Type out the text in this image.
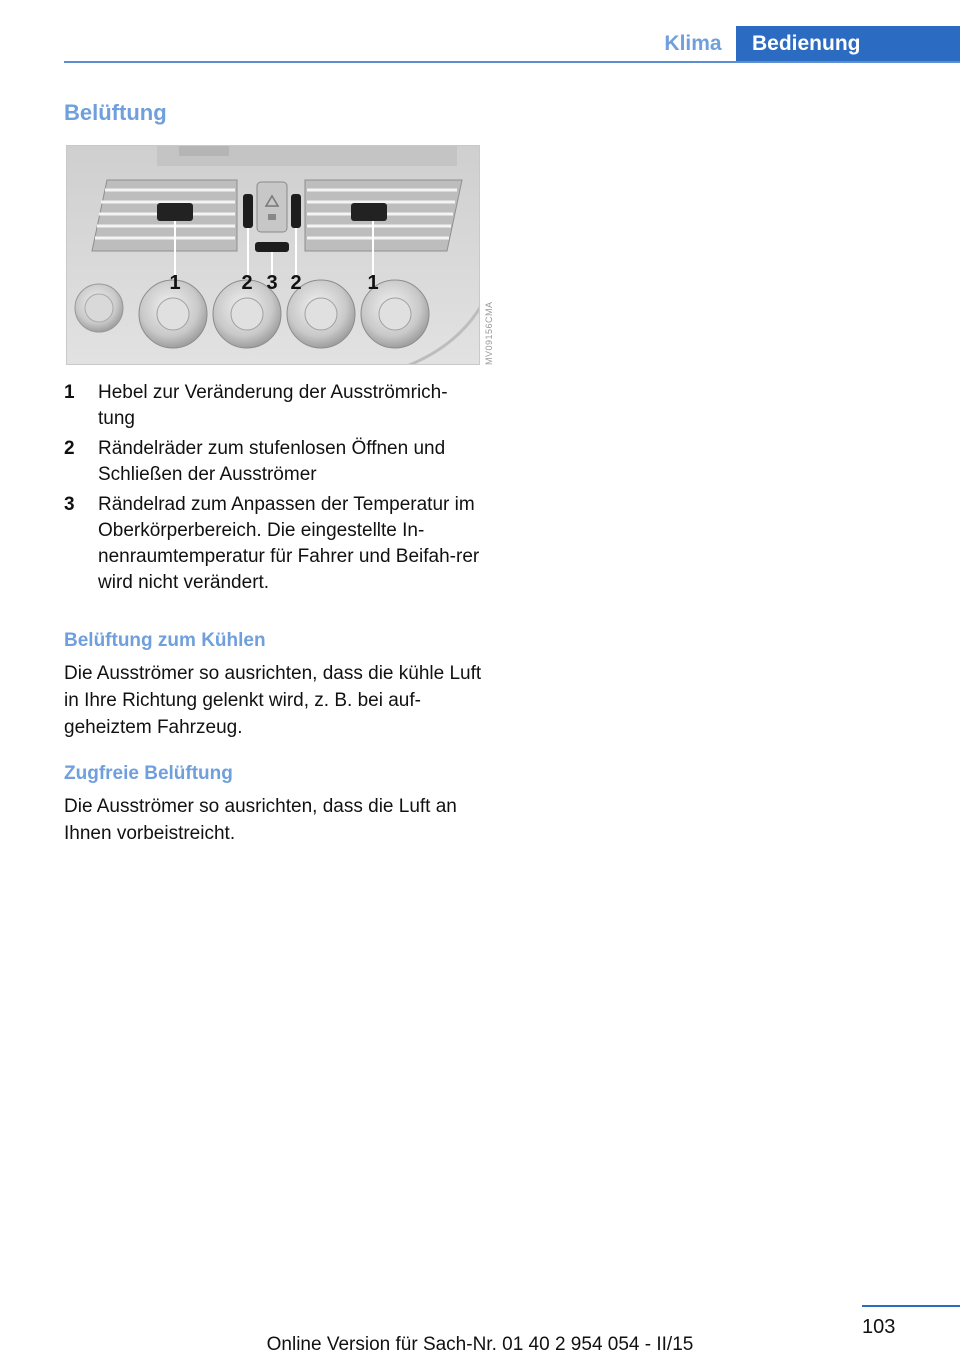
Klima	Bedienung
Belüftung
1	2 3 2	1
MV09156CMA
1	Hebel zur Veränderung der Ausströmrich‐tung
2	Rändelräder zum stufenlosen Öffnen und Schließen der Ausströmer
3	Rändelrad zum Anpassen der Temperatur im Oberkörperbereich. Die eingestellte In‐nenraumtemperatur für Fahrer und Beifah‐rer wird nicht verändert.
Belüftung zum Kühlen
Die Ausströmer so ausrichten, dass die kühle Luft in Ihre Richtung gelenkt wird, z. B. bei auf‐geheiztem Fahrzeug.
Zugfreie Belüftung
Die Ausströmer so ausrichten, dass die Luft an Ihnen vorbeistreicht.
103
Online Version für Sach-Nr. 01 40 2 954 054 - II/15
